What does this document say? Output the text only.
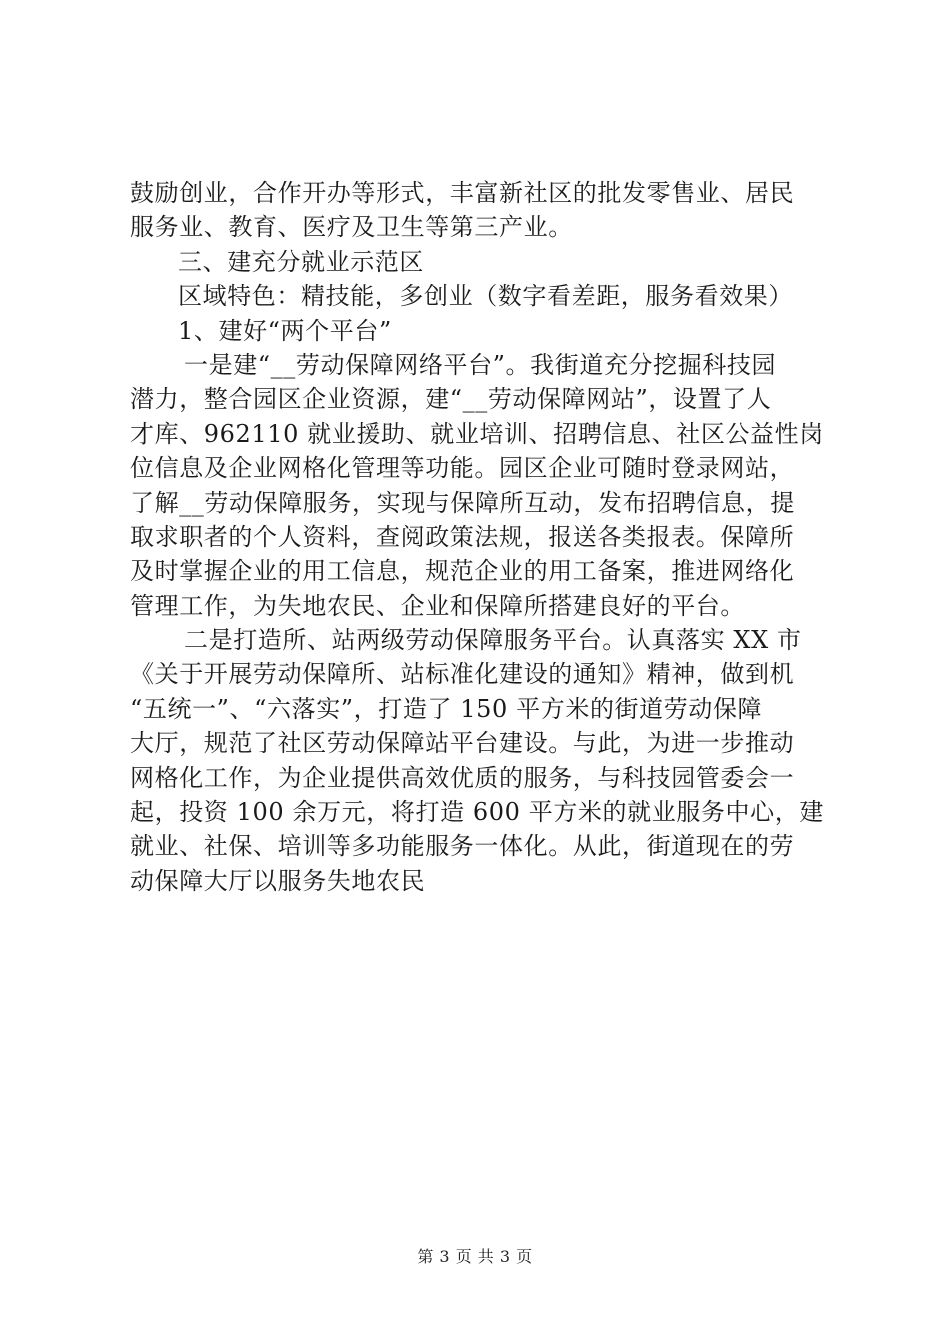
鼓励创业，合作开办等形式，丰富新社区的批发零售业、居民
服务业、教育、医疗及卫生等第三产业。
三、建充分就业示范区
区域特色：精技能，多创业（数字看差距，服务看效果）
1、建好“两个平台”
一是建“__劳动保障网络平台”。我街道充分挖掘科技园
潜力，整合园区企业资源，建“__劳动保障网站”，设置了人
才库、962110 就业援助、就业培训、招聘信息、社区公益性岗
位信息及企业网格化管理等功能。园区企业可随时登录网站，
了解__劳动保障服务，实现与保障所互动，发布招聘信息，提
取求职者的个人资料，查阅政策法规，报送各类报表。保障所
及时掌握企业的用工信息，规范企业的用工备案，推进网络化
管理工作，为失地农民、企业和保障所搭建良好的平台。
二是打造所、站两级劳动保障服务平台。认真落实 XX 市
《关于开展劳动保障所、站标准化建设的通知》精神，做到机
“五统一”、“六落实”，打造了 150 平方米的街道劳动保障
大厅，规范了社区劳动保障站平台建设。与此，为进一步推动
网格化工作，为企业提供高效优质的服务，与科技园管委会一
起，投资 100 余万元，将打造 600 平方米的就业服务中心，建
就业、社保、培训等多功能服务一体化。从此，街道现在的劳
动保障大厅以服务失地农民
第 3 页 共 3 页
